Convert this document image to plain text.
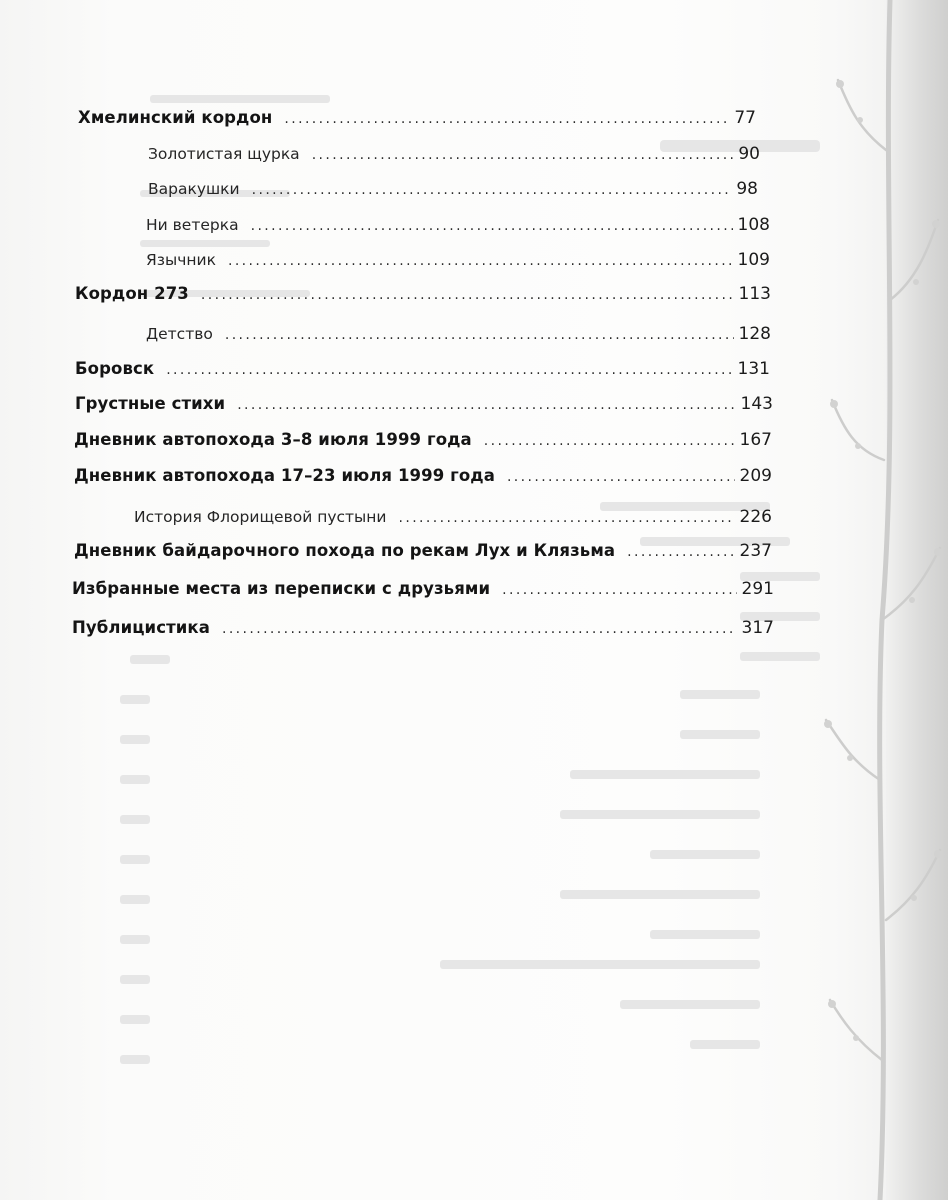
Хмелинский кордон .....	77
Золотистая щурка .....	90
Варакушки .....	98
Ни ветерка .....	108
Язычник .....	109
Кордон 273 .....	113
Детство .....	128
Боровск .....	131
Грустные стихи .....	143
Дневник автопохода 3–8 июля 1999 года .....	167
Дневник автопохода 17–23 июля 1999 года .....	209
История Флорищевой пустыни .....	226
Дневник байдарочного похода по рекам Лух и Клязьма .....	237
Избранные места из переписки с друзьями .....	291
Публицистика .....	317
